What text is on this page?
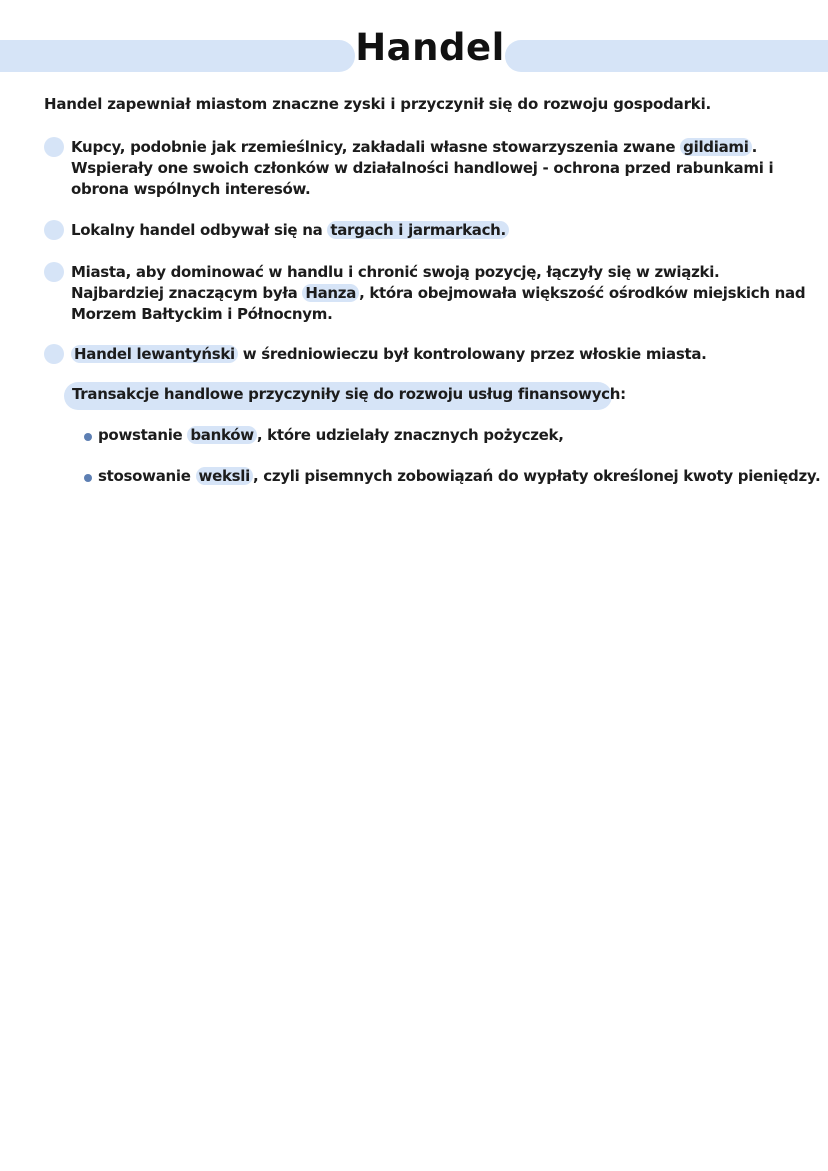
Handel
Handel zapewniał miastom znaczne zyski i przyczynił się do rozwoju gospodarki.
Kupcy, podobnie jak rzemieślnicy, zakładali własne stowarzyszenia zwane gildiami . Wspierały one swoich członków w działalności handlowej - ochrona przed rabunkami i obrona wspólnych interesów.
Lokalny handel odbywał się na targach i jarmarkach.
Miasta, aby dominować w handlu i chronić swoją pozycję, łączyły się w związki. Najbardziej znaczącym była Hanza , która obejmowała większość ośrodków miejskich nad Morzem Bałtyckim i Północnym.
Handel lewantyński w średniowieczu był kontrolowany przez włoskie miasta.
Transakcje handlowe przyczyniły się do rozwoju usług finansowych:
powstanie banków , które udzielały znacznych pożyczek,
stosowanie weksli , czyli pisemnych zobowiązań do wypłaty określonej kwoty pieniędzy.
